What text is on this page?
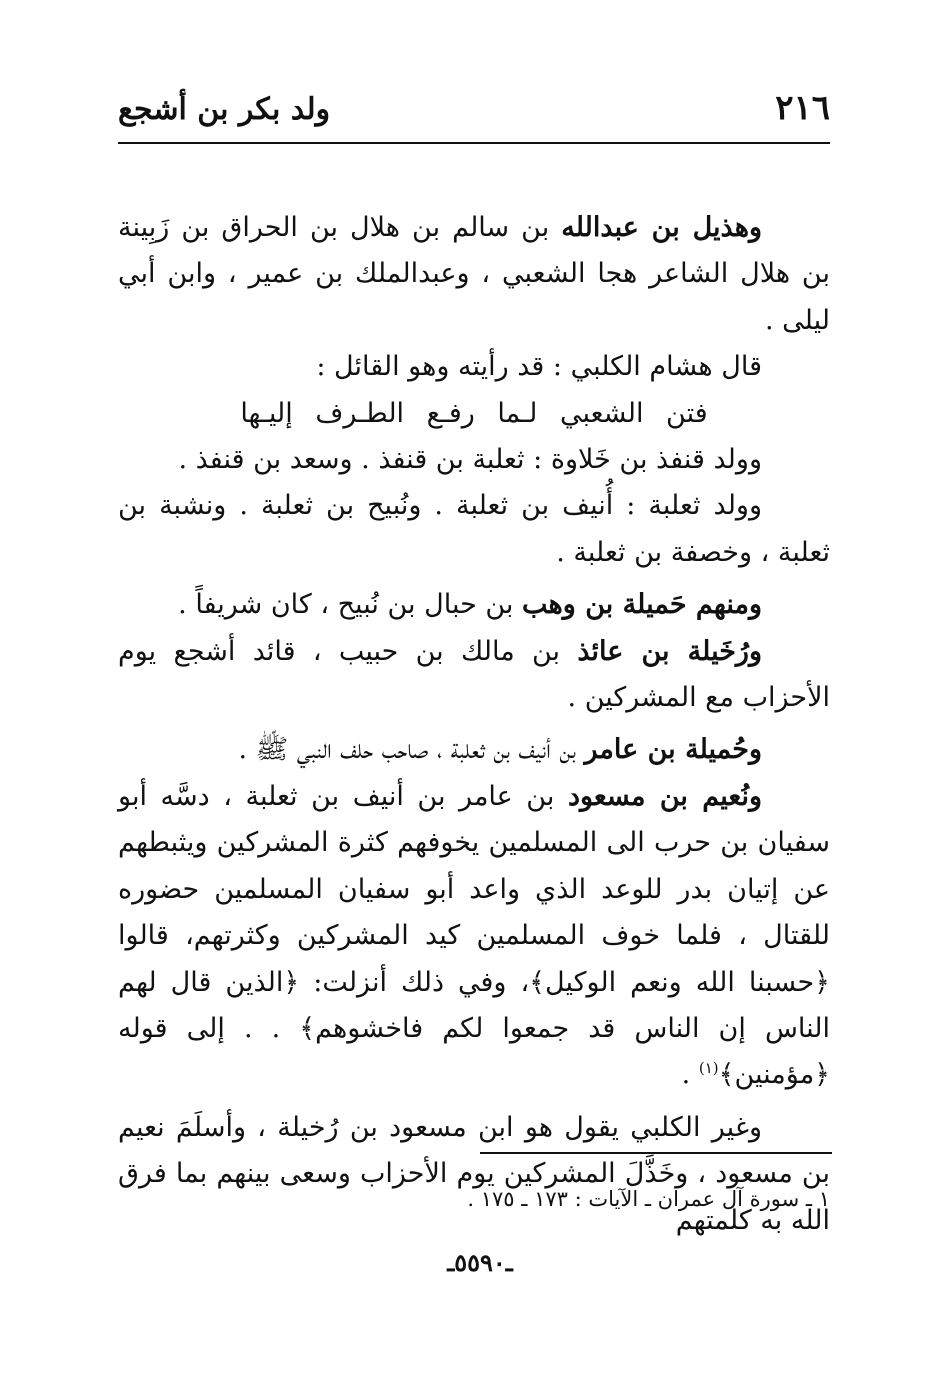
ولد بكر بن أشجع	٢١٦

وهذيل بن عبدالله بن سالم بن هلال بن الحراق بن زَبِينة بن هلال الشاعر هجا الشعبي ، وعبدالملك بن عمير ، وابن أبي ليلى .

قال هشام الكلبي : قد رأيته وهو القائل :

فتن الشعبي لـما رفـع الطـرف إليـها

وولد قنفذ بن خَلاوة : ثعلبة بن قنفذ . وسعد بن قنفذ .

وولد ثعلبة : أُنيف بن ثعلبة . ونُبيح بن ثعلبة . ونشبة بن ثعلبة ، وخصفة بن ثعلبة .

ومنهم حَميلة بن وهب بن حبال بن نُبيح ، كان شريفاً .

ورُخَيلة بن عائذ بن مالك بن حبيب ، قائد أشجع يوم الأحزاب مع المشركين .

وحُميلة بن عامر بن أنيف بن ثعلبة ، صاحب حلف النبي ﷺ .

ونُعيم بن مسعود بن عامر بن أنيف بن ثعلبة ، دسَّه أبو سفيان بن حرب الى المسلمين يخوفهم كثرة المشركين ويثبطهم عن إتيان بدر للوعد الذي واعد أبو سفيان المسلمين حضوره للقتال ، فلما خوف المسلمين كيد المشركين وكثرتهم، قالوا ﴿حسبنا الله ونعم الوكيل﴾، وفي ذلك أنزلت: ﴿الذين قال لهم الناس إن الناس قد جمعوا لكم فاخشوهم﴾ . . إلى قوله ﴿مؤمنين﴾$^{(١)}$ .

وغير الكلبي يقول هو ابن مسعود بن رُخيلة ، وأسلَمَ نعيم بن مسعود ، وخَذَّلَ المشركين يوم الأحزاب وسعى بينهم بما فرق الله به كلمتهم

١ ـ سورة آل عمران ـ الآيات : ١٧٣ ـ ١٧٥ .
ـ٥٥٩٠ـ
